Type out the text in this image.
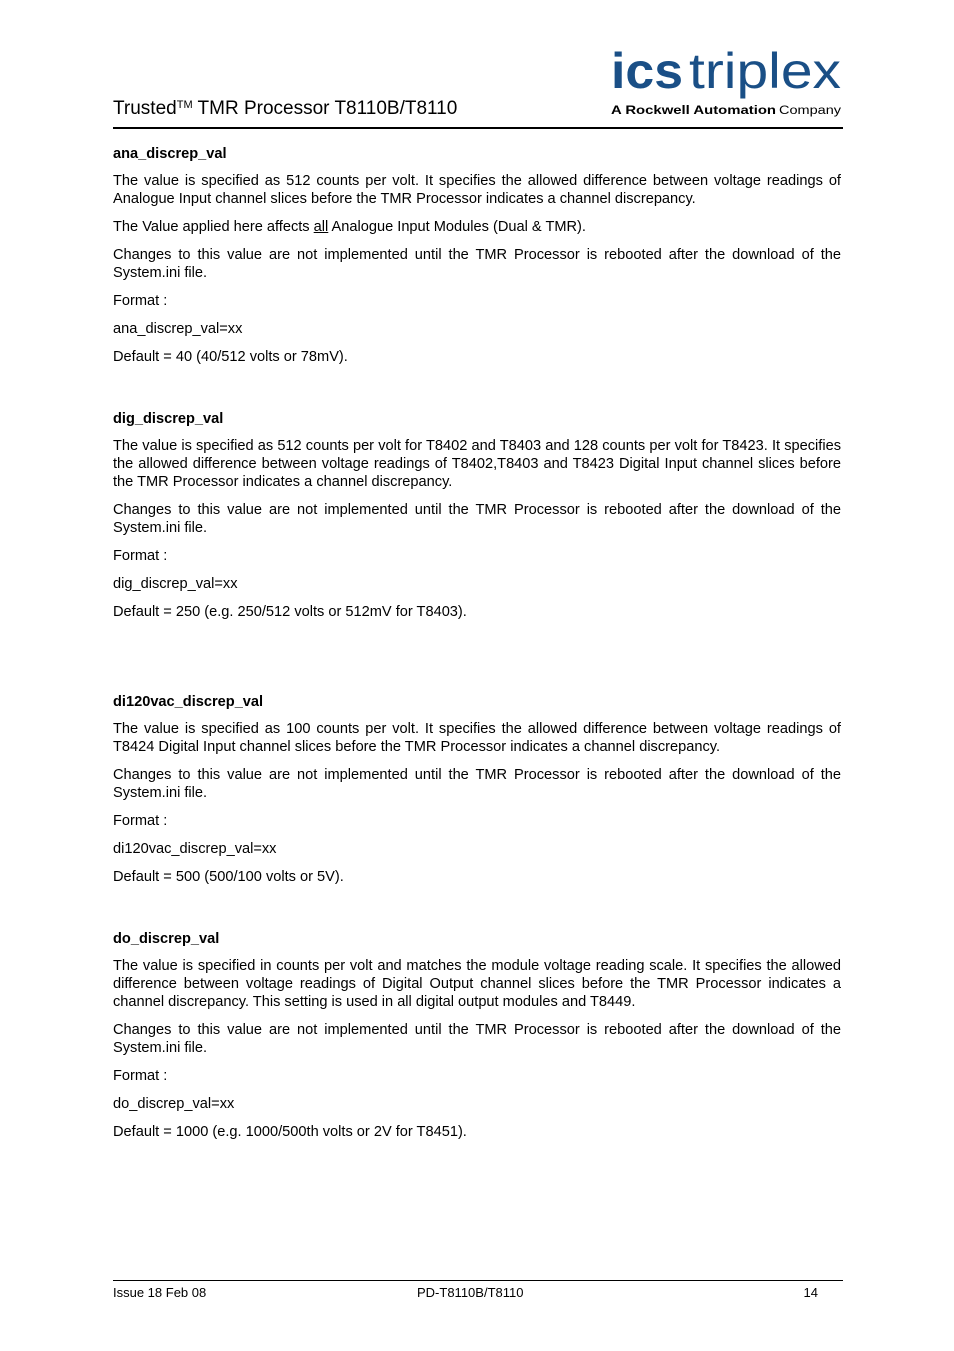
Trusted™ TMR Processor T8110B/T8110
ics triplex
A Rockwell Automation Company
ana_discrep_val

The value is specified as 512 counts per volt. It specifies the allowed difference between voltage readings of Analogue Input channel slices before the TMR Processor indicates a channel discrepancy.

The Value applied here affects all Analogue Input Modules (Dual & TMR).

Changes to this value are not implemented until the TMR Processor is rebooted after the download of the System.ini file.

Format :

ana_discrep_val=xx

Default = 40 (40/512 volts or 78mV).

dig_discrep_val

The value is specified as 512 counts per volt for T8402 and T8403 and 128 counts per volt for T8423. It specifies the allowed difference between voltage readings of T8402,T8403 and T8423 Digital Input channel slices before the TMR Processor indicates a channel discrepancy.

Changes to this value are not implemented until the TMR Processor is rebooted after the download of the System.ini file.

Format :

dig_discrep_val=xx

Default = 250 (e.g. 250/512 volts or 512mV for T8403).

di120vac_discrep_val

The value is specified as 100 counts per volt. It specifies the allowed difference between voltage readings of T8424 Digital Input channel slices before the TMR Processor indicates a channel discrepancy.

Changes to this value are not implemented until the TMR Processor is rebooted after the download of the System.ini file.

Format :

di120vac_discrep_val=xx

Default = 500 (500/100 volts or 5V).

do_discrep_val

The value is specified in counts per volt and matches the module voltage reading scale. It specifies the allowed difference between voltage readings of Digital Output channel slices before the TMR Processor indicates a channel discrepancy. This setting is used in all digital output modules and T8449.

Changes to this value are not implemented until the TMR Processor is rebooted after the download of the System.ini file.

Format :

do_discrep_val=xx

Default = 1000 (e.g. 1000/500th volts or 2V for T8451).

Issue 18 Feb 08	PD-T8110B/T8110	14
